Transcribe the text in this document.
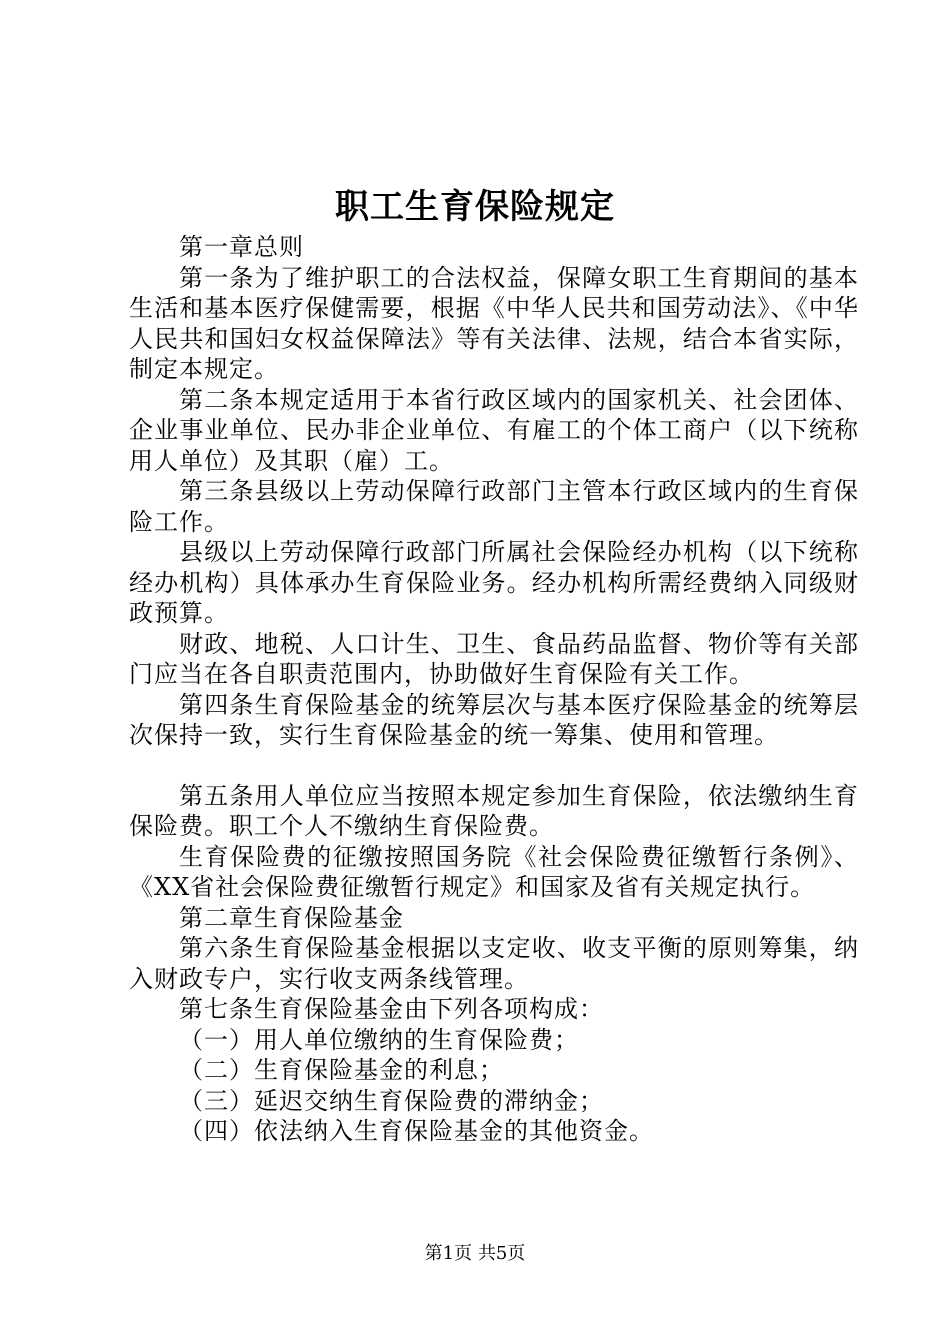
职工生育保险规定

第一章总则

第一条为了维护职工的合法权益，保障女职工生育期间的基本生活和基本医疗保健需要，根据《中华人民共和国劳动法》、《中华人民共和国妇女权益保障法》等有关法律、法规，结合本省实际，制定本规定。

第二条本规定适用于本省行政区域内的国家机关、社会团体、企业事业单位、民办非企业单位、有雇工的个体工商户（以下统称用人单位）及其职（雇）工。

第三条县级以上劳动保障行政部门主管本行政区域内的生育保险工作。

县级以上劳动保障行政部门所属社会保险经办机构（以下统称经办机构）具体承办生育保险业务。经办机构所需经费纳入同级财政预算。

财政、地税、人口计生、卫生、食品药品监督、物价等有关部门应当在各自职责范围内，协助做好生育保险有关工作。

第四条生育保险基金的统筹层次与基本医疗保险基金的统筹层次保持一致，实行生育保险基金的统一筹集、使用和管理。

第五条用人单位应当按照本规定参加生育保险，依法缴纳生育保险费。职工个人不缴纳生育保险费。

生育保险费的征缴按照国务院《社会保险费征缴暂行条例》、《XX省社会保险费征缴暂行规定》和国家及省有关规定执行。

第二章生育保险基金

第六条生育保险基金根据以支定收、收支平衡的原则筹集，纳入财政专户，实行收支两条线管理。

第七条生育保险基金由下列各项构成：

（一）用人单位缴纳的生育保险费；

（二）生育保险基金的利息；

（三）延迟交纳生育保险费的滞纳金；

（四）依法纳入生育保险基金的其他资金。

第1页 共5页
